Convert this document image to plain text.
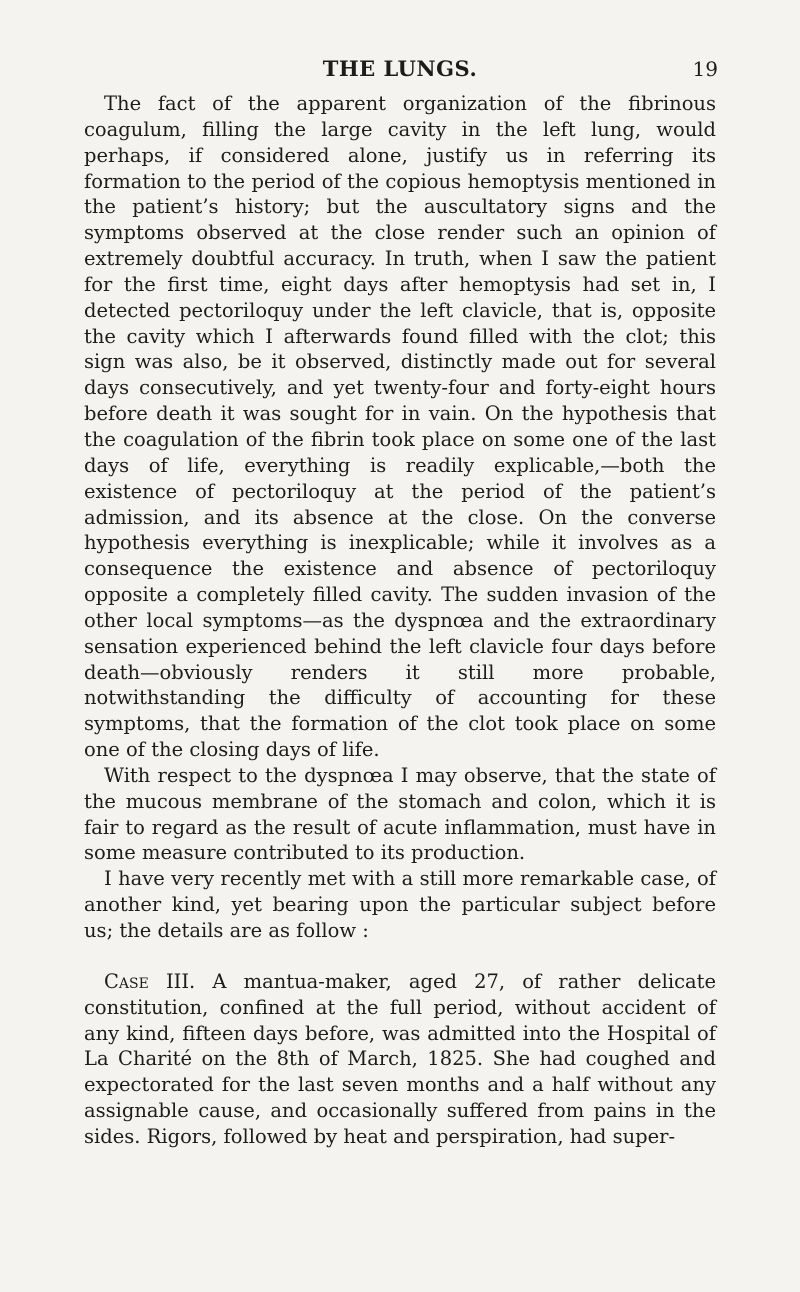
THE LUNGS.	19

The fact of the apparent organization of the fibrinous coagulum, filling the large cavity in the left lung, would perhaps, if considered alone, justify us in referring its formation to the period of the copious hemoptysis mentioned in the patient’s history; but the auscultatory signs and the symptoms observed at the close render such an opinion of extremely doubtful accuracy. In truth, when I saw the patient for the first time, eight days after hemoptysis had set in, I detected pectoriloquy under the left clavicle, that is, opposite the cavity which I afterwards found filled with the clot; this sign was also, be it observed, distinctly made out for several days consecutively, and yet twenty-four and forty-eight hours before death it was sought for in vain. On the hypothesis that the coagulation of the fibrin took place on some one of the last days of life, everything is readily explicable,—both the existence of pectoriloquy at the period of the patient’s admission, and its absence at the close. On the converse hypothesis everything is inexplicable; while it involves as a consequence the existence and absence of pectoriloquy opposite a completely filled cavity. The sudden invasion of the other local symptoms—as the dyspnœa and the extraordinary sensation experienced behind the left clavicle four days before death—obviously renders it still more probable, notwithstanding the difficulty of accounting for these symptoms, that the formation of the clot took place on some one of the closing days of life.

With respect to the dyspnœa I may observe, that the state of the mucous membrane of the stomach and colon, which it is fair to regard as the result of acute inflammation, must have in some measure contributed to its production.

I have very recently met with a still more remarkable case, of another kind, yet bearing upon the particular subject before us; the details are as follow :

Case III. A mantua-maker, aged 27, of rather delicate constitution, confined at the full period, without accident of any kind, fifteen days before, was admitted into the Hospital of La Charité on the 8th of March, 1825. She had coughed and expectorated for the last seven months and a half without any assignable cause, and occasionally suffered from pains in the sides. Rigors, followed by heat and perspiration, had super-
